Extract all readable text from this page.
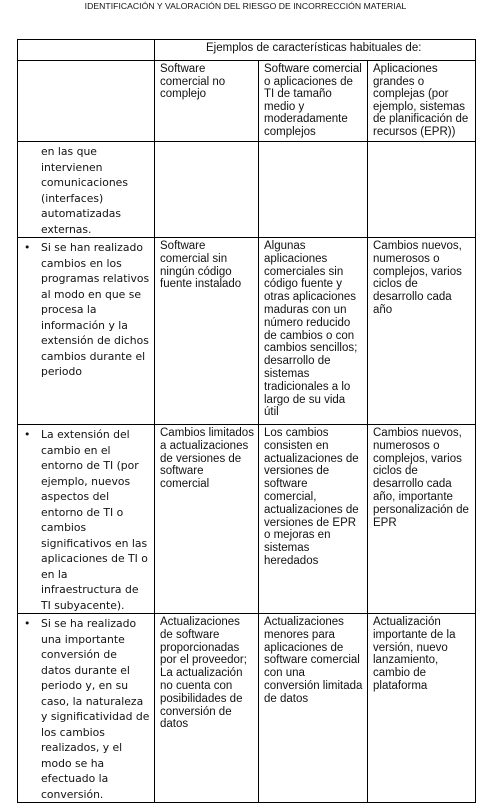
IDENTIFICACIÓN Y VALORACIÓN DEL RIESGO DE INCORRECCIÓN MATERIAL
	Ejemplos de características habituales de:		

	Software comercial no complejo	Software comercial o aplicaciones de TI de tamaño medio y moderadamente complejos	Aplicaciones grandes o complejas (por ejemplo, sistemas de planificación de recursos (EPR))

en las que intervienen comunicaciones (interfaces) automatizadas externas.			

• Si se han realizado cambios en los programas relativos al modo en que se procesa la información y la extensión de dichos cambios durante el periodo	Software comercial sin ningún código fuente instalado	Algunas aplicaciones comerciales sin código fuente y otras aplicaciones maduras con un número reducido de cambios o con cambios sencillos; desarrollo de sistemas tradicionales a lo largo de su vida útil	Cambios nuevos, numerosos o complejos, varios ciclos de desarrollo cada año

• La extensión del cambio en el entorno de TI (por ejemplo, nuevos aspectos del entorno de TI o cambios significativos en las aplicaciones de TI o en la infraestructura de TI subyacente).	Cambios limitados a actualizaciones de versiones de software comercial	Los cambios consisten en actualizaciones de versiones de software comercial, actualizaciones de versiones de EPR o mejoras en sistemas heredados	Cambios nuevos, numerosos o complejos, varios ciclos de desarrollo cada año, importante personalización de EPR

• Si se ha realizado una importante conversión de datos durante el periodo y, en su caso, la naturaleza y significatividad de los cambios realizados, y el modo se ha efectuado la conversión.	Actualizaciones de software proporcionadas por el proveedor; La actualización no cuenta con posibilidades de conversión de datos	Actualizaciones menores para aplicaciones de software comercial con una conversión limitada de datos	Actualización importante de la versión, nuevo lanzamiento, cambio de plataforma
